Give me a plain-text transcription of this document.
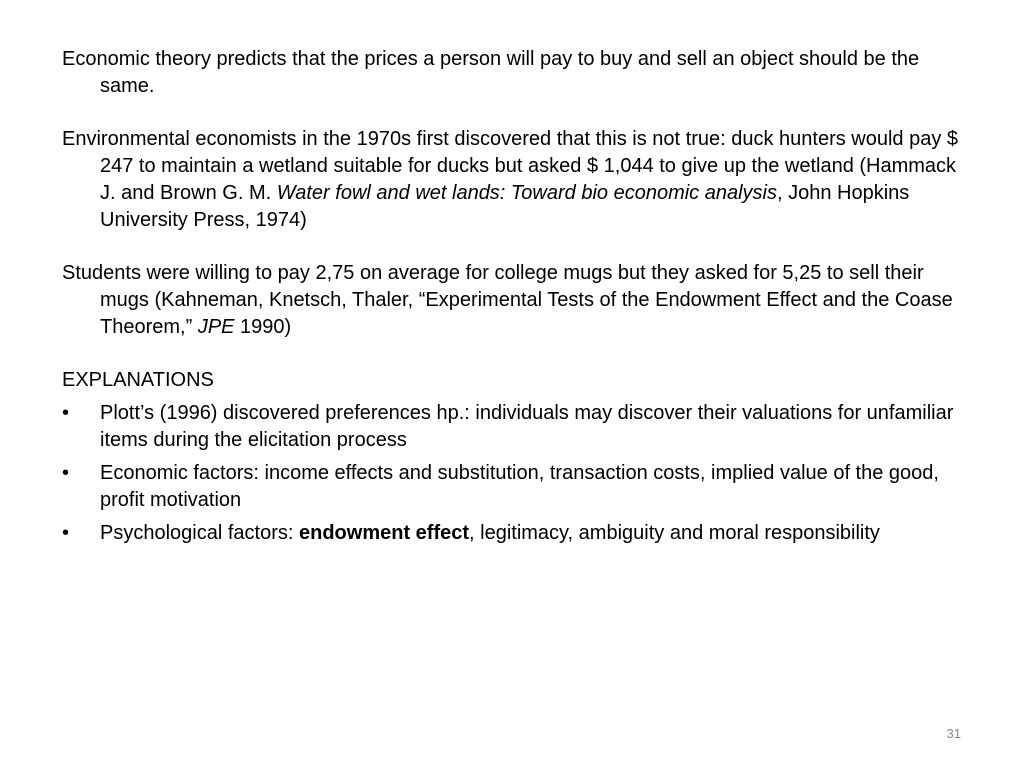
Economic theory predicts that the prices a person will pay to buy and sell an object should be the same.

Environmental economists in the 1970s first discovered that this is not true: duck hunters would pay $ 247 to maintain a wetland suitable for ducks but asked $ 1,044 to give up the wetland (Hammack J. and Brown G. M. Water fowl and wet lands: Toward bio economic analysis, John Hopkins University Press, 1974)

Students were willing to pay 2,75 on average for college mugs but they asked for 5,25 to sell their mugs (Kahneman, Knetsch, Thaler, “Experimental Tests of the Endowment Effect and the Coase Theorem,” JPE 1990)

EXPLANATIONS

•	Plott’s (1996) discovered preferences hp.: individuals may discover their valuations for unfamiliar items during the elicitation process
•	Economic factors: income effects and substitution, transaction costs, implied value of the good, profit motivation
•	Psychological factors: endowment effect, legitimacy, ambiguity and moral responsibility
31
